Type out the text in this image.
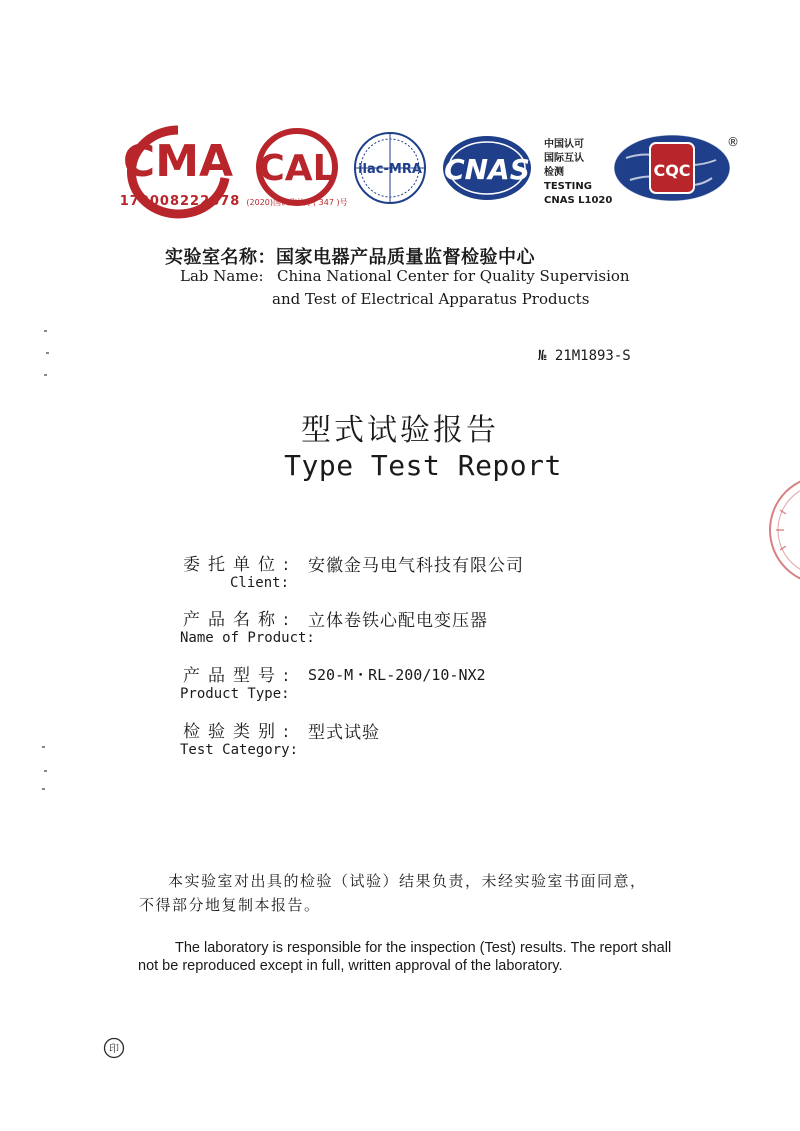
CMA
170008222878
CAL
(2020)国认监认字( 347 )号
ilac-MRA CNAS
中国认可
国际互认
检测
TESTING
CNAS L1020
CQC
®
实验室名称：国家电器产品质量监督检验中心
Lab Name: China National Center for Quality Supervision
and Test of Electrical Apparatus Products
№ 21M1893-S
型式试验报告
Type Test Report
委托单位: 安徽金马电气科技有限公司
Client:
产品名称: 立体卷铁心配电变压器
Name of Product:
产品型号: S20-M・RL-200/10-NX2
Product Type:
检验类别: 型式试验
Test Category:
本实验室对出具的检验（试验）结果负责，未经实验室书面同意，
不得部分地复制本报告。
The laboratory is responsible for the inspection (Test) results. The report shall
not be reproduced except in full, written approval of the laboratory.
印
